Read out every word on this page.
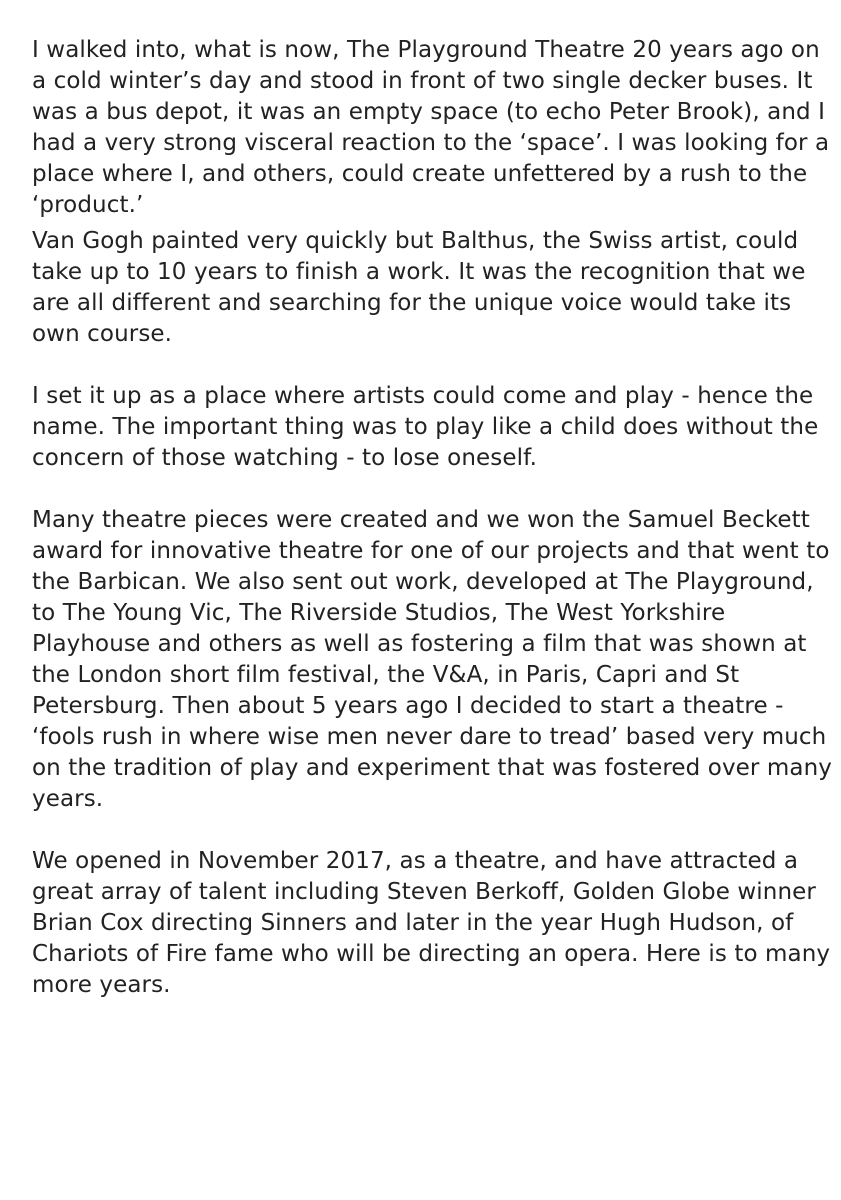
I walked into, what is now, The Playground Theatre 20 years ago on a cold winter’s day and stood in front of two single decker buses. It was a bus depot, it was an empty space (to echo Peter Brook), and I had a very strong visceral reaction to the ‘space’. I was looking for a place where I, and others, could create unfettered by a rush to the ‘product.’

Van Gogh painted very quickly but Balthus, the Swiss artist, could take up to 10 years to finish a work. It was the recognition that we are all different and searching for the unique voice would take its own course.

I set it up as a place where artists could come and play - hence the name. The important thing was to play like a child does without the concern of those watching - to lose oneself.

Many theatre pieces were created and we won the Samuel Beckett award for innovative theatre for one of our projects and that went to the Barbican. We also sent out work, developed at The Playground, to The Young Vic, The Riverside Studios, The West Yorkshire Playhouse and others as well as fostering a film that was shown at the London short film festival, the V&A, in Paris, Capri and St Petersburg. Then about 5 years ago I decided to start a theatre - ‘fools rush in where wise men never dare to tread’ based very much on the tradition of play and experiment that was fostered over many years.

We opened in November 2017, as a theatre, and have attracted a great array of talent including Steven Berkoff, Golden Globe winner Brian Cox directing Sinners and later in the year Hugh Hudson, of Chariots of Fire fame who will be directing an opera. Here is to many more years.
